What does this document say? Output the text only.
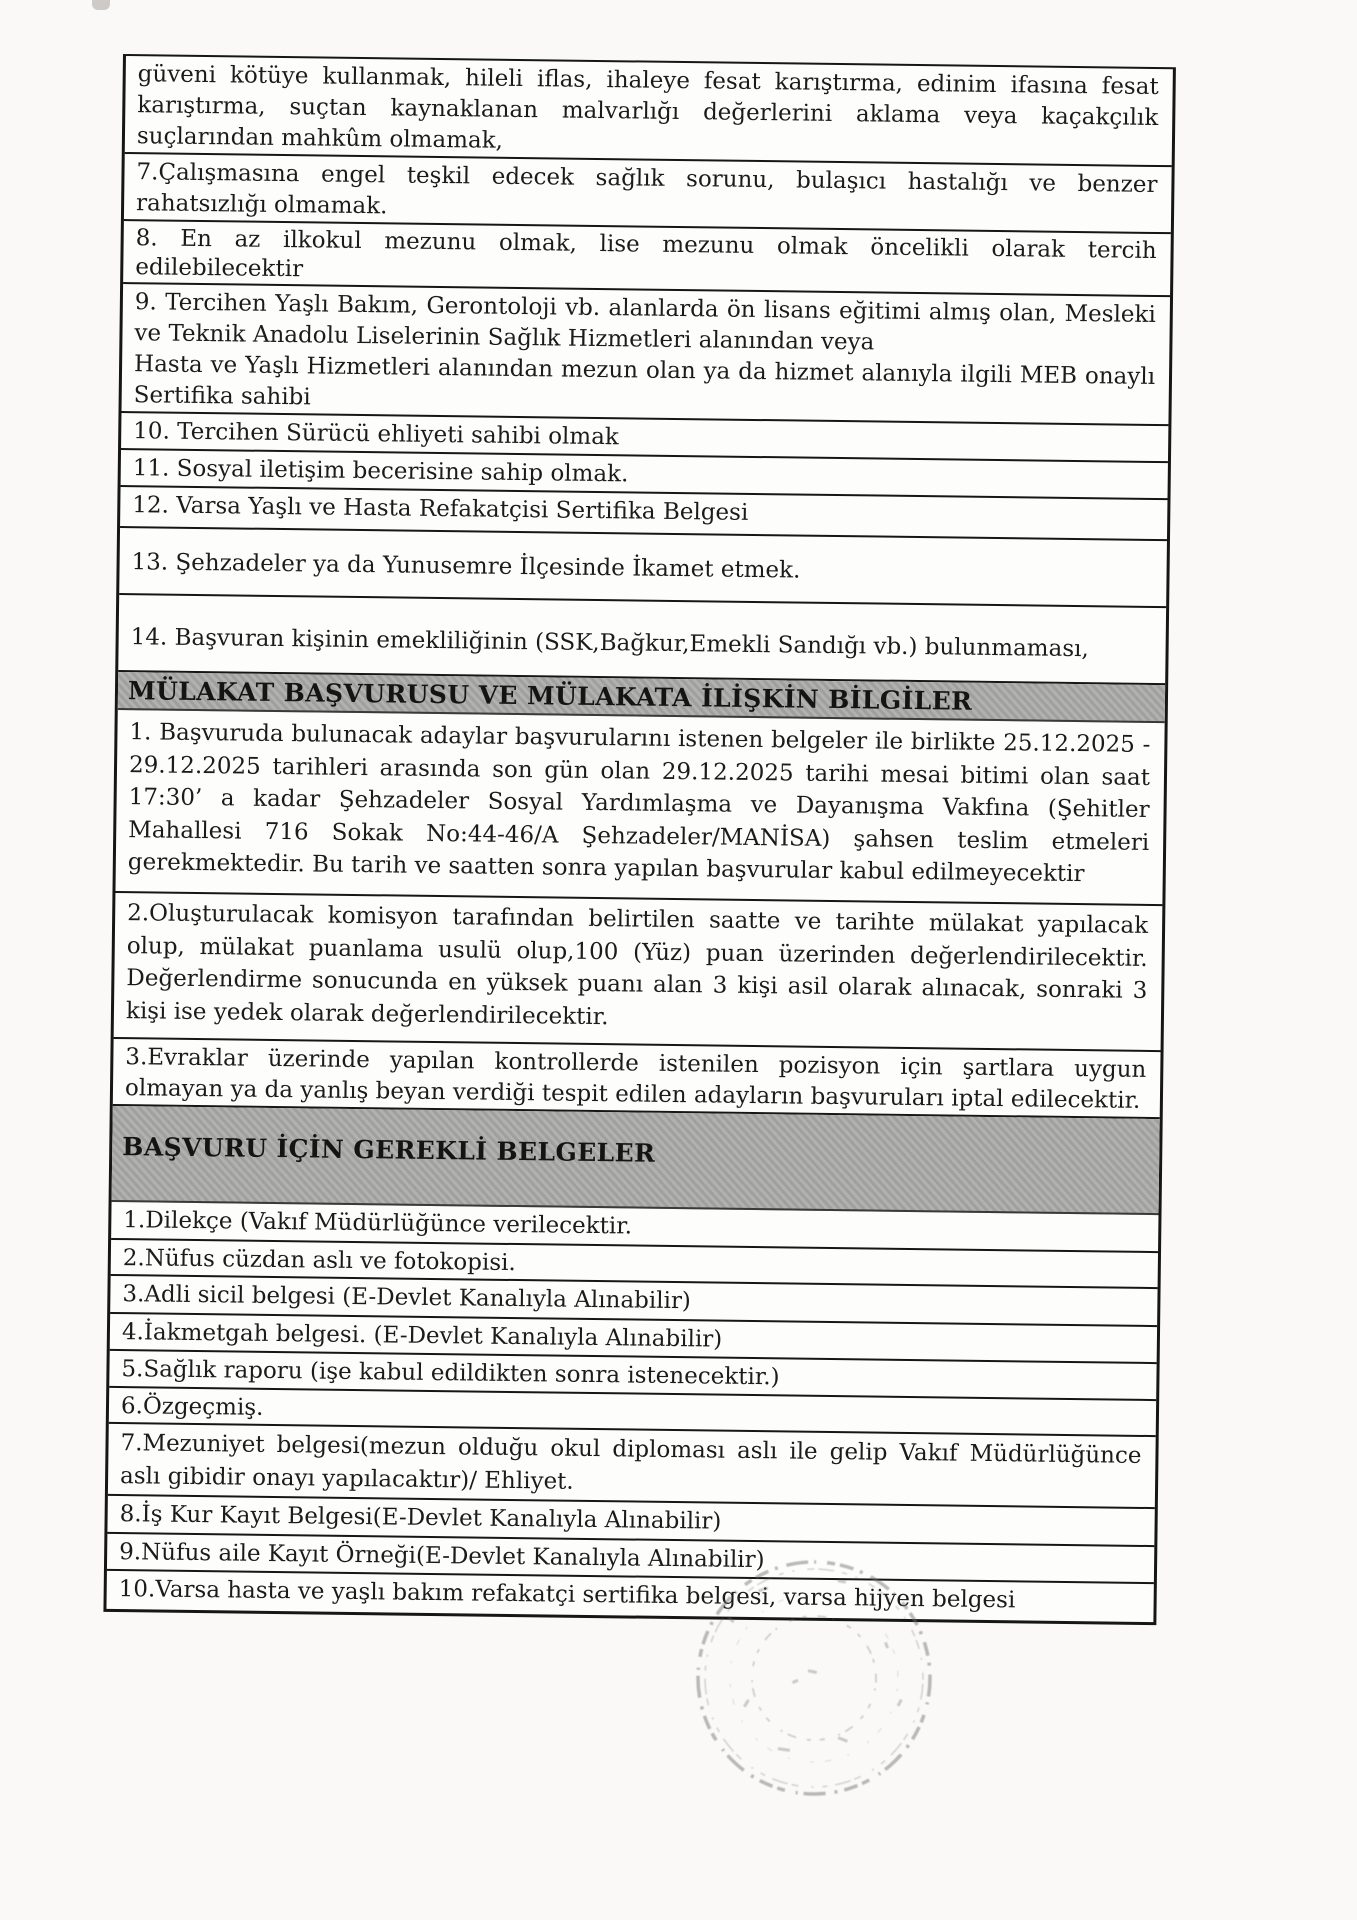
güveni kötüye kullanmak, hileli iflas, ihaleye fesat karıştırma, edinim ifasına fesat karıştırma, suçtan kaynaklanan malvarlığı değerlerini aklama veya kaçakçılık suçlarından mahkûm olmamak,
7.Çalışmasına engel teşkil edecek sağlık sorunu, bulaşıcı hastalığı ve benzer rahatsızlığı olmamak.
8. En az ilkokul mezunu olmak, lise mezunu olmak öncelikli olarak tercih edilebilecektir
9. Tercihen Yaşlı Bakım, Gerontoloji vb. alanlarda ön lisans eğitimi almış olan, Mesleki ve Teknik Anadolu Liselerinin Sağlık Hizmetleri alanından veya
Hasta ve Yaşlı Hizmetleri alanından mezun olan ya da hizmet alanıyla ilgili MEB onaylı Sertifika sahibi
10. Tercihen Sürücü ehliyeti sahibi olmak
11. Sosyal iletişim becerisine sahip olmak.
12. Varsa Yaşlı ve Hasta Refakatçisi Sertifika Belgesi
13. Şehzadeler ya da Yunusemre İlçesinde İkamet etmek.
14. Başvuran kişinin emekliliğinin (SSK,Bağkur,Emekli Sandığı vb.) bulunmaması,
MÜLAKAT BAŞVURUSU VE MÜLAKATA İLİŞKİN BİLGİLER
1. Başvuruda bulunacak adaylar başvurularını istenen belgeler ile birlikte 25.12.2025 - 29.12.2025 tarihleri arasında son gün olan 29.12.2025 tarihi mesai bitimi olan saat 17:30’ a kadar Şehzadeler Sosyal Yardımlaşma ve Dayanışma Vakfına (Şehitler Mahallesi 716 Sokak No:44-46/A Şehzadeler/MANİSA) şahsen teslim etmeleri gerekmektedir. Bu tarih ve saatten sonra yapılan başvurular kabul edilmeyecektir
2.Oluşturulacak komisyon tarafından belirtilen saatte ve tarihte mülakat yapılacak olup, mülakat puanlama usulü olup,100 (Yüz) puan üzerinden değerlendirilecektir. Değerlendirme sonucunda en yüksek puanı alan 3 kişi asil olarak alınacak, sonraki 3 kişi ise yedek olarak değerlendirilecektir.
3.Evraklar üzerinde yapılan kontrollerde istenilen pozisyon için şartlara uygun olmayan ya da yanlış beyan verdiği tespit edilen adayların başvuruları iptal edilecektir.
BAŞVURU İÇİN GEREKLİ BELGELER
1.Dilekçe (Vakıf Müdürlüğünce verilecektir.
2.Nüfus cüzdan aslı ve fotokopisi.
3.Adli sicil belgesi (E-Devlet Kanalıyla Alınabilir)
4.İakmetgah belgesi. (E-Devlet Kanalıyla Alınabilir)
5.Sağlık raporu (işe kabul edildikten sonra istenecektir.)
6.Özgeçmiş.
7.Mezuniyet belgesi(mezun olduğu okul diploması aslı ile gelip Vakıf Müdürlüğünce aslı gibidir onayı yapılacaktır)/ Ehliyet.
8.İş Kur Kayıt Belgesi(E-Devlet Kanalıyla Alınabilir)
9.Nüfus aile Kayıt Örneği(E-Devlet Kanalıyla Alınabilir)
10.Varsa hasta ve yaşlı bakım refakatçi sertifika belgesi, varsa hijyen belgesi
